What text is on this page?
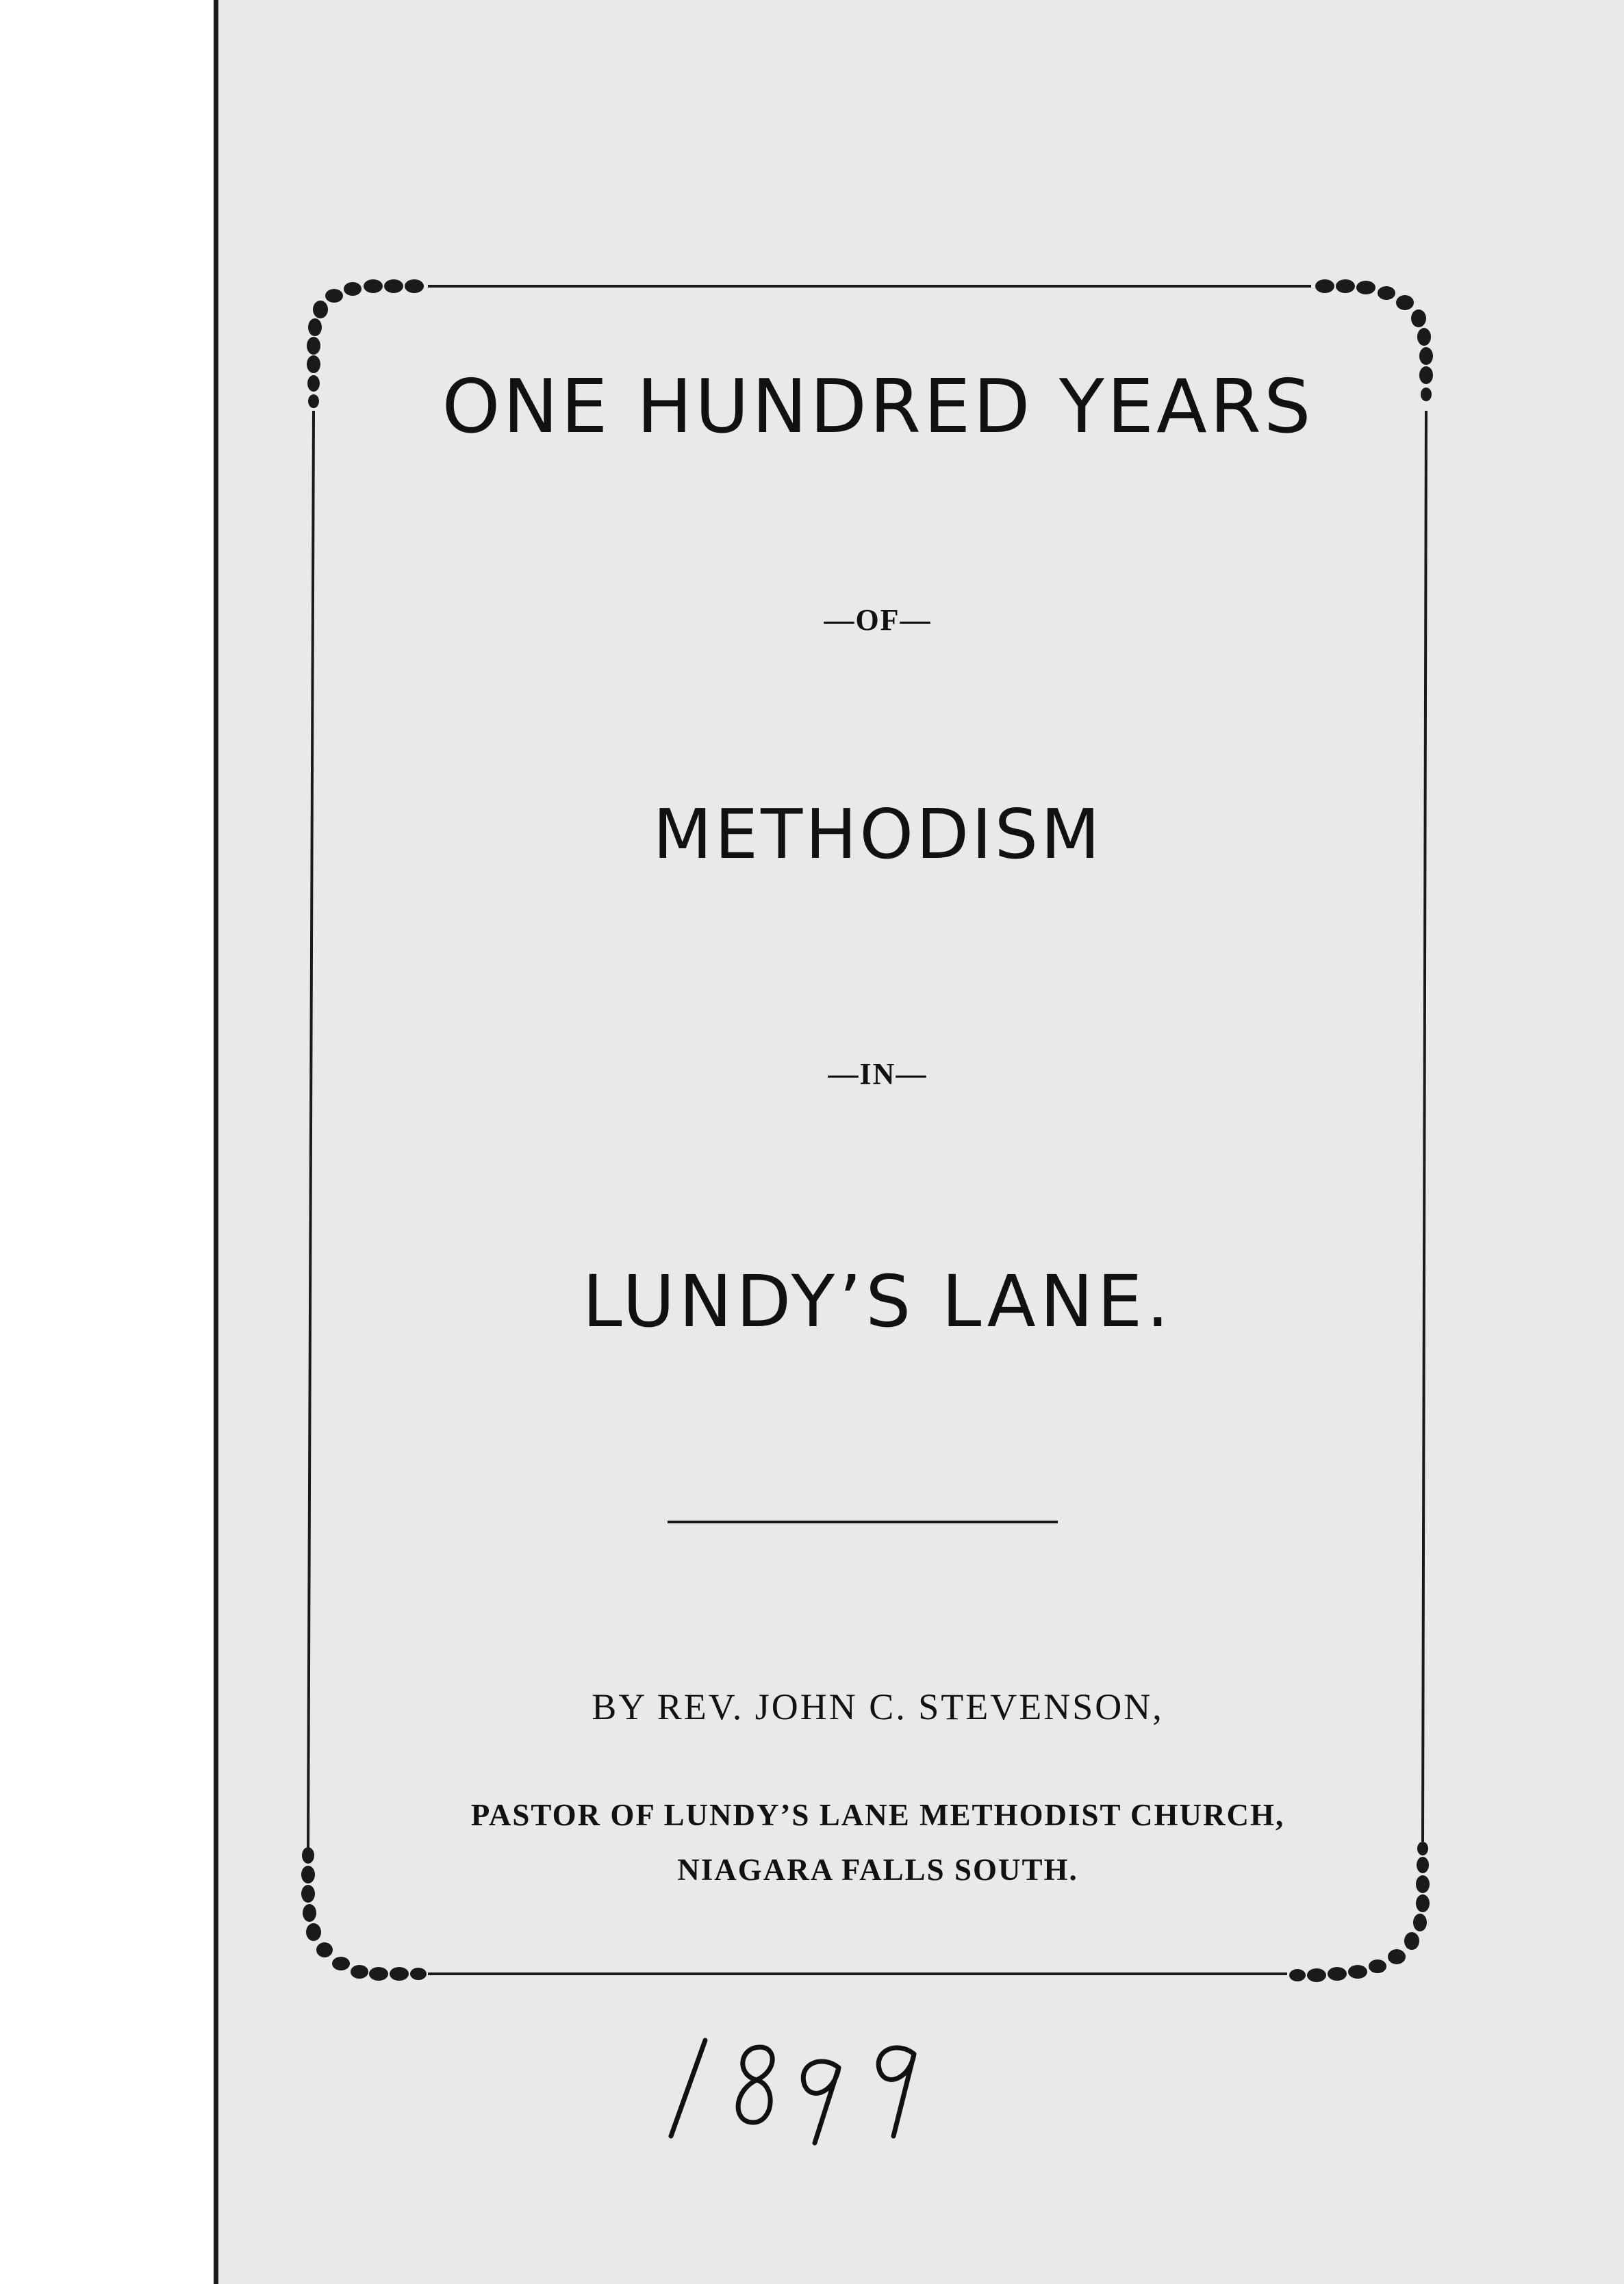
ONE HUNDRED YEARS
—OF—
METHODISM
—IN—
LUNDY’S LANE.
BY REV. JOHN C. STEVENSON,
PASTOR OF LUNDY’S LANE METHODIST CHURCH,
NIAGARA FALLS SOUTH.
